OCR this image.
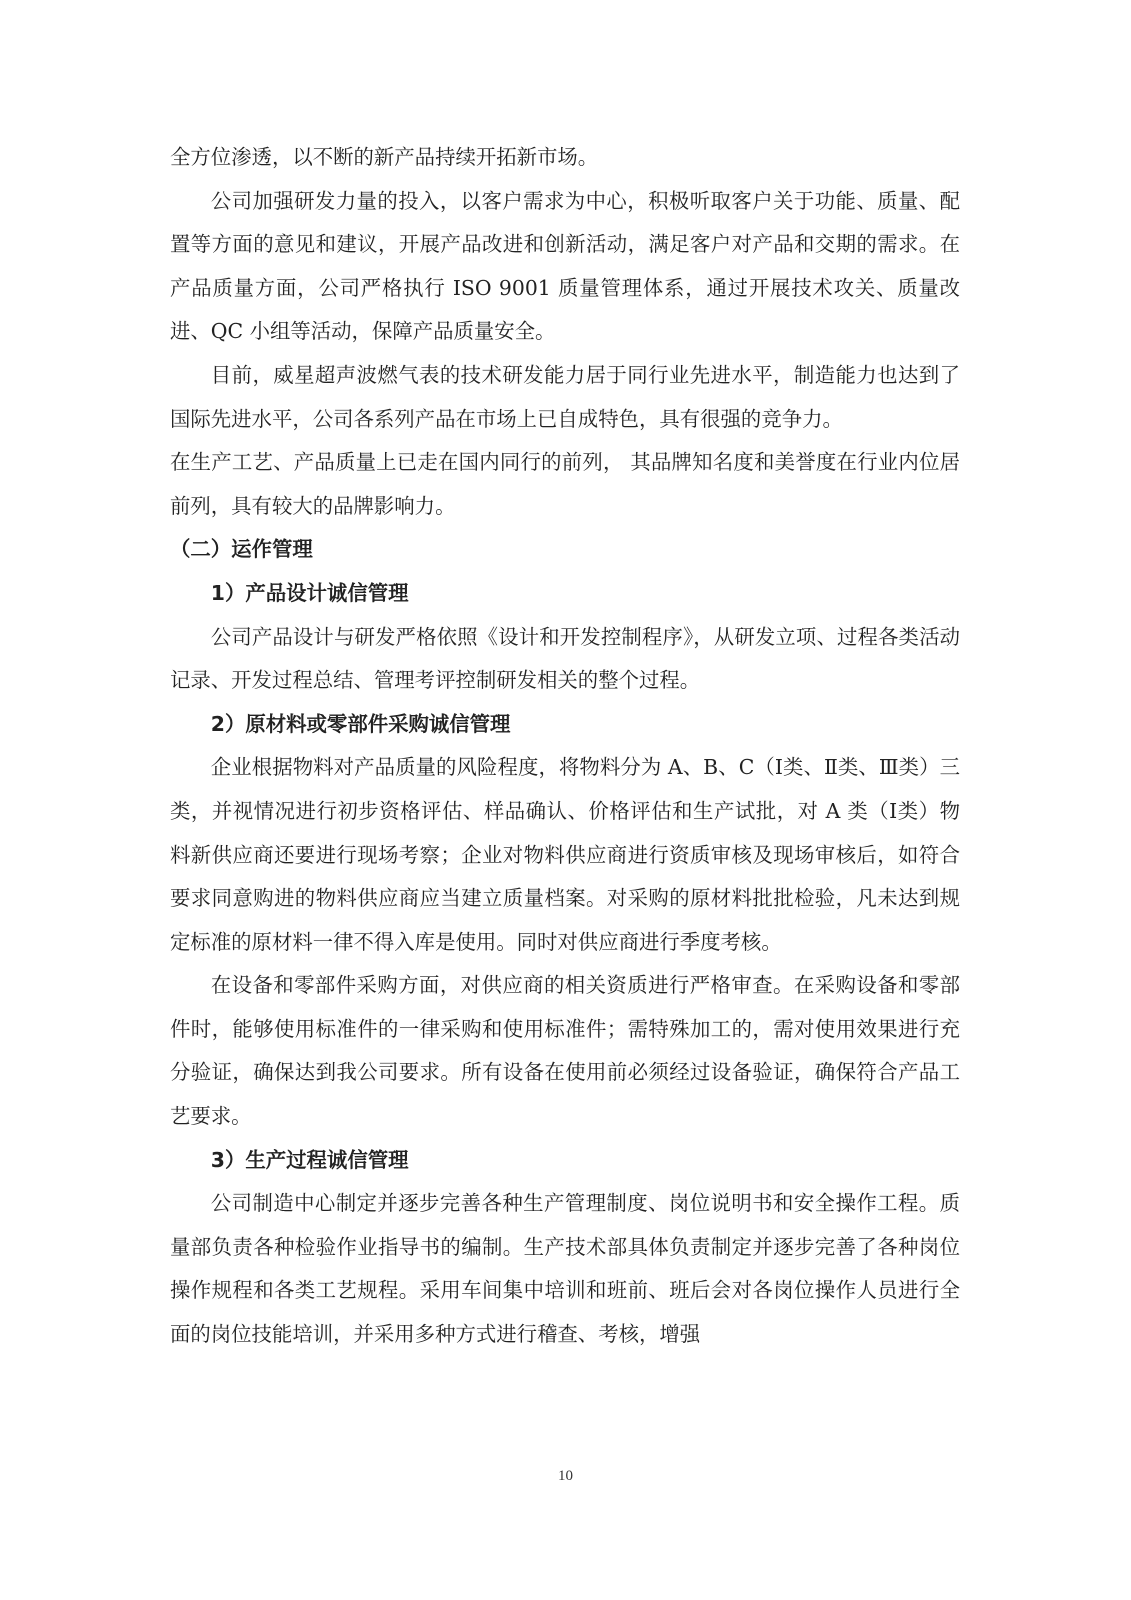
全方位渗透，以不断的新产品持续开拓新市场。

公司加强研发力量的投入，以客户需求为中心，积极听取客户关于功能、质量、配置等方面的意见和建议，开展产品改进和创新活动，满足客户对产品和交期的需求。在产品质量方面，公司严格执行 ISO 9001 质量管理体系，通过开展技术攻关、质量改进、QC 小组等活动，保障产品质量安全。

目前，威星超声波燃气表的技术研发能力居于同行业先进水平，制造能力也达到了国际先进水平，公司各系列产品在市场上已自成特色，具有很强的竞争力。

在生产工艺、产品质量上已走在国内同行的前列， 其品牌知名度和美誉度在行业内位居前列，具有较大的品牌影响力。

（二）运作管理
1）产品设计诚信管理

公司产品设计与研发严格依照《设计和开发控制程序》，从研发立项、过程各类活动记录、开发过程总结、管理考评控制研发相关的整个过程。

2）原材料或零部件采购诚信管理

企业根据物料对产品质量的风险程度，将物料分为 A、B、C（Ⅰ类、Ⅱ类、Ⅲ类）三类，并视情况进行初步资格评估、样品确认、价格评估和生产试批，对 A 类（Ⅰ类）物料新供应商还要进行现场考察；企业对物料供应商进行资质审核及现场审核后，如符合要求同意购进的物料供应商应当建立质量档案。对采购的原材料批批检验，凡未达到规定标准的原材料一律不得入库是使用。同时对供应商进行季度考核。

在设备和零部件采购方面，对供应商的相关资质进行严格审查。在采购设备和零部件时，能够使用标准件的一律采购和使用标准件；需特殊加工的，需对使用效果进行充分验证，确保达到我公司要求。所有设备在使用前必须经过设备验证，确保符合产品工艺要求。

3）生产过程诚信管理

公司制造中心制定并逐步完善各种生产管理制度、岗位说明书和安全操作工程。质量部负责各种检验作业指导书的编制。生产技术部具体负责制定并逐步完善了各种岗位操作规程和各类工艺规程。采用车间集中培训和班前、班后会对各岗位操作人员进行全面的岗位技能培训，并采用多种方式进行稽查、考核，增强

10
